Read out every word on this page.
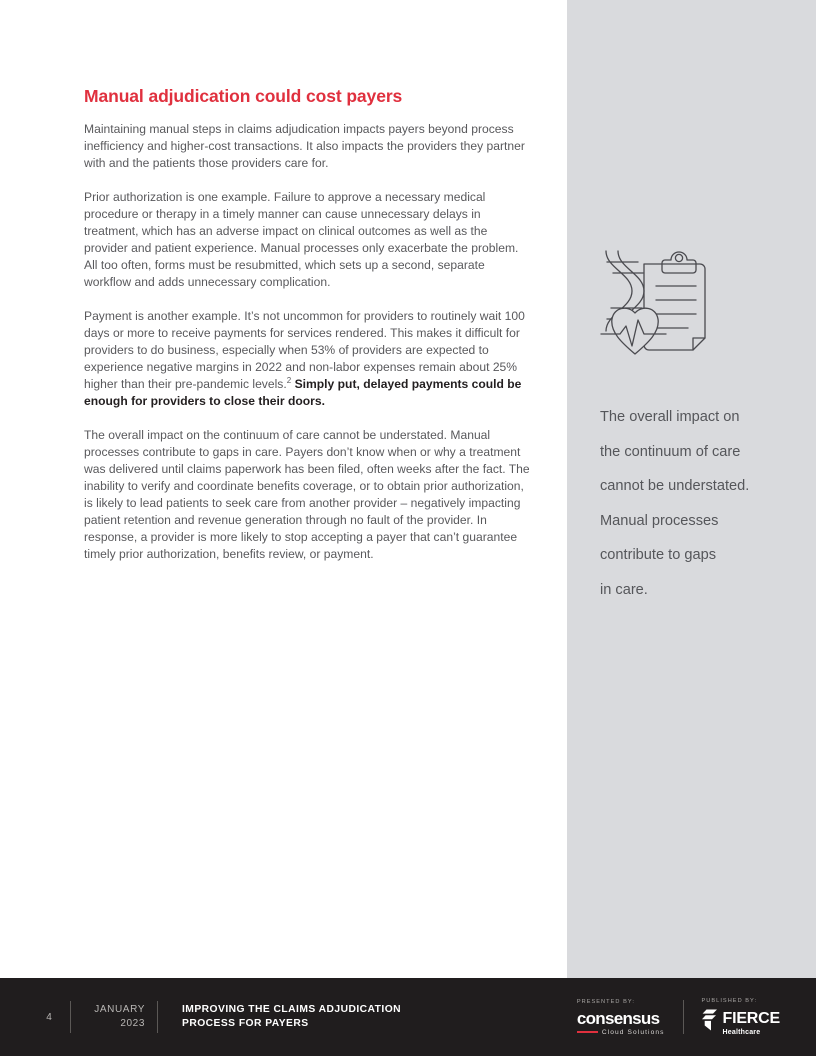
Manual adjudication could cost payers

Maintaining manual steps in claims adjudication impacts payers beyond process inefficiency and higher-cost transactions. It also impacts the providers they partner with and the patients those providers care for.

Prior authorization is one example. Failure to approve a necessary medical procedure or therapy in a timely manner can cause unnecessary delays in treatment, which has an adverse impact on clinical outcomes as well as the provider and patient experience. Manual processes only exacerbate the problem. All too often, forms must be resubmitted, which sets up a second, separate workflow and adds unnecessary complication.

Payment is another example. It’s not uncommon for providers to routinely wait 100 days or more to receive payments for services rendered. This makes it difficult for providers to do business, especially when 53% of providers are expected to experience negative margins in 2022 and non-labor expenses remain about 25% higher than their pre-pandemic levels.$^2$ Simply put, delayed payments could be enough for providers to close their doors.

The overall impact on the continuum of care cannot be understated. Manual processes contribute to gaps in care. Payers don’t know when or why a treatment was delivered until claims paperwork has been filed, often weeks after the fact. The inability to verify and coordinate benefits coverage, or to obtain prior authorization, is likely to lead patients to seek care from another provider – negatively impacting patient retention and revenue generation through no fault of the provider. In response, a provider is more likely to stop accepting a payer that can’t guarantee timely prior authorization, benefits review, or payment.

The overall impact on
the continuum of care
cannot be understated.
Manual processes
contribute to gaps
in care.
4
JANUARY
2023
IMPROVING THE CLAIMS ADJUDICATION
PROCESS FOR PAYERS
PRESENTED BY:
consensus
Cloud Solutions
PUBLISHED BY:
FIERCE
Healthcare
